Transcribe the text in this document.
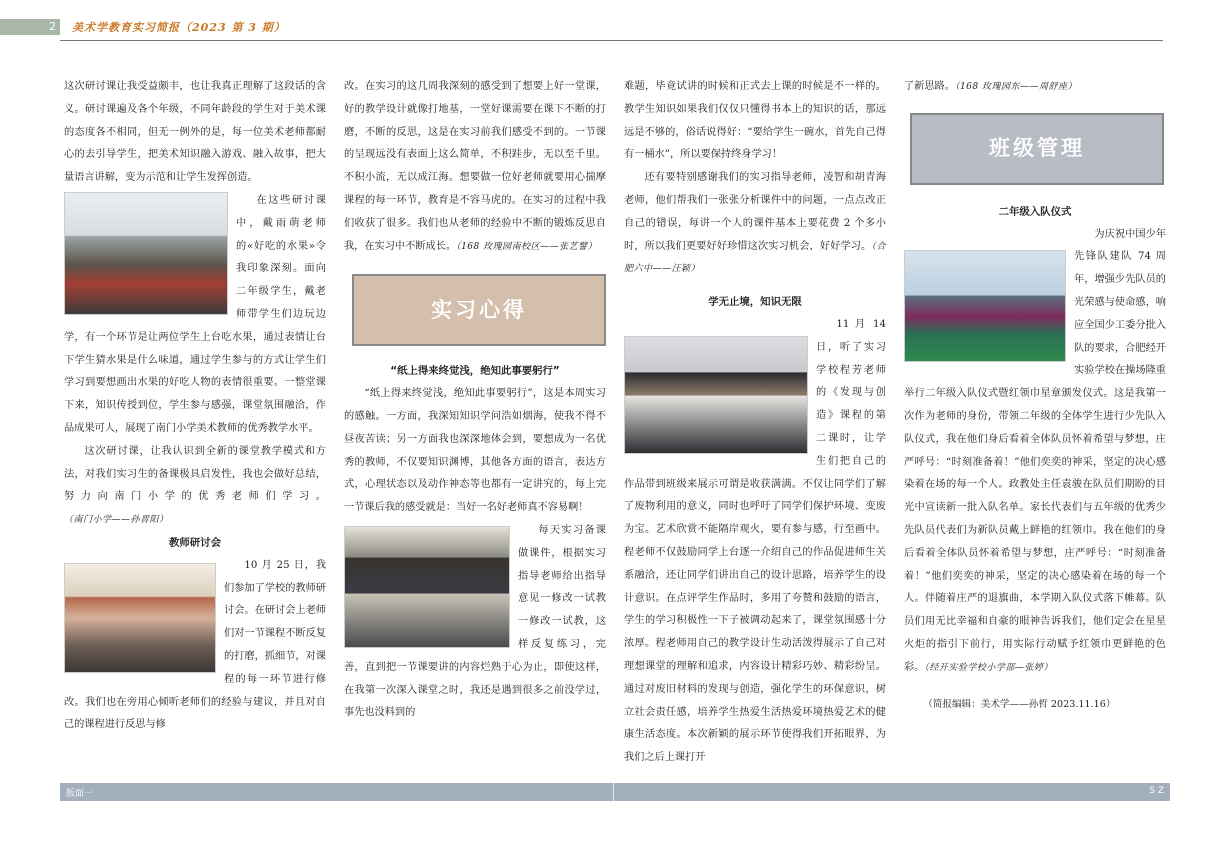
2	美术学教育实习简报（2023 第 3 期）

这次研讨课让我受益颇丰，也让我真正理解了这段话的含义。研讨课遍及各个年级，不同年龄段的学生对于美术课的态度各不相同，但无一例外的是，每一位美术老师都耐心的去引导学生，把美术知识融入游戏、融入故事，把大量语言讲解，变为示范和让学生发挥创造。

在这些研讨课中，戴雨萌老师的«好吃的水果»令我印象深刻。面向二年级学生，戴老师带学生们边玩边学，有一个环节是让两位学生上台吃水果，通过表情让台下学生猜水果是什么味道，通过学生参与的方式让学生们学习到要想画出水果的好吃人物的表情很重要。一整堂课下来，知识传授到位，学生参与感强，课堂氛围融洽，作品成果可人，展现了南门小学美术教师的优秀教学水平。

这次研讨课，让我认识到全新的课堂教学模式和方法，对我们实习生的备课极具启发性，我也会做好总结，努力向南门小学的优秀老师们学习。（南门小学——孙晋阳）

教师研讨会

10 月 25 日，我们参加了学校的教师研讨会。在研讨会上老师们对一节课程不断反复的打磨，抓细节，对课程的每一环节进行修改。我们也在旁用心倾听老师们的经验与建议，并且对自己的课程进行反思与修

改。在实习的这几周我深刻的感受到了想要上好一堂课，好的教学设计就像打地基，一堂好课需要在课下不断的打磨，不断的反思，这是在实习前我们感受不到的。一节课的呈现远没有表面上这么简单，不积跬步，无以至千里。不积小流，无以成江海。想要做一位好老师就要用心揣摩课程的每一环节，教育是不容马虎的。在实习的过程中我们收获了很多。我们也从老师的经验中不断的锻炼反思自我，在实习中不断成长。（168 玫瑰园南校区——张艺譬）

实习心得

“纸上得来终觉浅，绝知此事要躬行”

“纸上得来终觉浅，绝知此事要躬行”，这是本周实习的感触。一方面，我深知知识学问浩如烟海，使我不得不昼夜苦读；另一方面我也深深地体会到，要想成为一名优秀的教师，不仅要知识渊博，其他各方面的语言，表达方式，心理状态以及动作神态等也都有一定讲究的，每上完一节课后我的感受就是：当好一名好老师真不容易啊！

每天实习备课做课件，根据实习指导老师给出指导意见一修改一试教一修改一试教，这样反复练习，完善，直到把一节课要讲的内容烂熟于心为止，即使这样，在我第一次深入课堂之时，我还是遇到很多之前没学过，事先也没料到的

难题，毕竟试讲的时候和正式去上课的时候是不一样的。教学生知识如果我们仅仅只懂得书本上的知识的话，那远远是不够的，俗话说得好：“要给学生一碗水，首先自己得有一桶水”，所以要保持终身学习！

还有要特别感谢我们的实习指导老师，凌智和胡青海老师，他们帮我们一张张分析课件中的问题，一点点改正自己的错误，每讲一个人的课件基本上要花费 2 个多小时，所以我们更要好好珍惜这次实习机会，好好学习。（合肥六中——汪颖）

学无止境，知识无限

11 月 14 日，听了实习学校程芳老师的《发现与创造》课程的第二课时，让学生们把自己的作品带到班级来展示可谓是收获满满。不仅让同学们了解了废物利用的意义，同时也呼吁了同学们保护环境、变废为宝。艺术欣赏不能隔岸观火，要有参与感，行至画中。程老师不仅鼓励同学上台逐一介绍自己的作品促进师生关系融洽，还让同学们讲出自己的设计思路，培养学生的设计意识。在点评学生作品时，多用了夸赞和鼓励的语言，学生的学习积极性一下子被调动起来了，课堂氛围感十分浓厚。程老师用自己的教学设计生动活泼得展示了自己对理想课堂的理解和追求，内容设计精彩巧妙、精彩纷呈。通过对废旧材料的发现与创造，强化学生的环保意识，树立社会责任感，培养学生热爱生活热爱环境热爱艺术的健康生活态度。本次新颖的展示环节使得我们开拓眼界，为我们之后上课打开

了新思路。（168 玫瑰园东——周舒座）

班级管理

二年级入队仪式

为庆祝中国少年先锋队建队 74 周年，增强少先队员的光荣感与使命感，响应全国少工委分批入队的要求，合肥经开实验学校在操场隆重举行二年级入队仪式暨红领巾星章颁发仪式。这是我第一次作为老师的身份，带领二年级的全体学生进行少先队入队仪式，我在他们身后看着全体队员怀着希望与梦想，庄严呼号：“时刻准备着！”他们奕奕的神采，坚定的决心感染着在场的每一个人。政教处主任袁骏在队员们期盼的目光中宣读新一批入队名单。家长代表们与五年级的优秀少先队员代表们为新队员戴上鲜艳的红领巾。我在他们的身后看着全体队员怀着希望与梦想，庄严呼号：“时刻准备着！”他们奕奕的神采，坚定的决心感染着在场的每一个人。伴随着庄严的退旗曲，本学期入队仪式落下帷幕。队员们用无比幸福和自豪的眼神告诉我们，他们定会在星星火炬的指引下前行，用实际行动赋予红领巾更鲜艳的色彩。（经开实验学校小学部—张婷）

（简报编辑：美术学——孙哲 2023.11.16）

版面一	S Z
